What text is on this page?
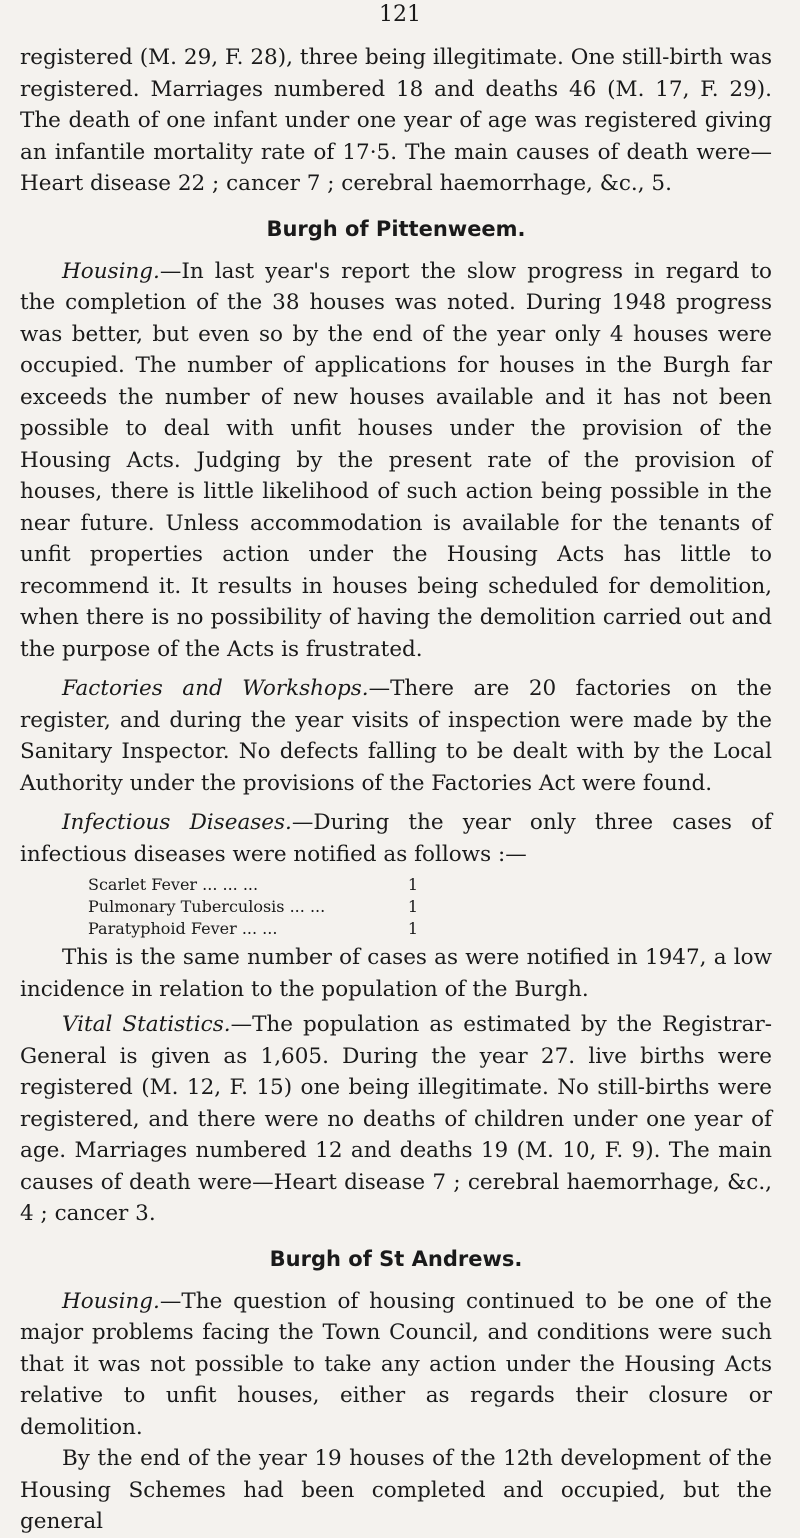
121

registered (M. 29, F. 28), three being illegitimate. One still-birth was registered. Marriages numbered 18 and deaths 46 (M. 17, F. 29). The death of one infant under one year of age was registered giving an infantile mortality rate of 17·5. The main causes of death were—Heart disease 22 ; cancer 7 ; cerebral haemorrhage, &c., 5.

Burgh of Pittenweem.

Housing.—In last year's report the slow progress in regard to the completion of the 38 houses was noted. During 1948 progress was better, but even so by the end of the year only 4 houses were occupied. The number of applications for houses in the Burgh far exceeds the number of new houses available and it has not been possible to deal with unfit houses under the provision of the Housing Acts. Judging by the present rate of the provision of houses, there is little likelihood of such action being possible in the near future. Unless accommodation is available for the tenants of unfit properties action under the Housing Acts has little to recommend it. It results in houses being scheduled for demolition, when there is no possibility of having the demolition carried out and the purpose of the Acts is frustrated.

Factories and Workshops.—There are 20 factories on the register, and during the year visits of inspection were made by the Sanitary Inspector. No defects falling to be dealt with by the Local Authority under the provisions of the Factories Act were found.

Infectious Diseases.—During the year only three cases of infectious diseases were notified as follows :—

Scarlet Fever ... ... ...	1
Pulmonary Tuberculosis ... ...	1
Paratyphoid Fever ... ...	1

This is the same number of cases as were notified in 1947, a low incidence in relation to the population of the Burgh.

Vital Statistics.—The population as estimated by the Registrar-General is given as 1,605. During the year 27. live births were registered (M. 12, F. 15) one being illegitimate. No still-births were registered, and there were no deaths of children under one year of age. Marriages numbered 12 and deaths 19 (M. 10, F. 9). The main causes of death were—Heart disease 7 ; cerebral haemorrhage, &c., 4 ; cancer 3.

Burgh of St Andrews.

Housing.—The question of housing continued to be one of the major problems facing the Town Council, and conditions were such that it was not possible to take any action under the Housing Acts relative to unfit houses, either as regards their closure or demolition.

By the end of the year 19 houses of the 12th development of the Housing Schemes had been completed and occupied, but the general
